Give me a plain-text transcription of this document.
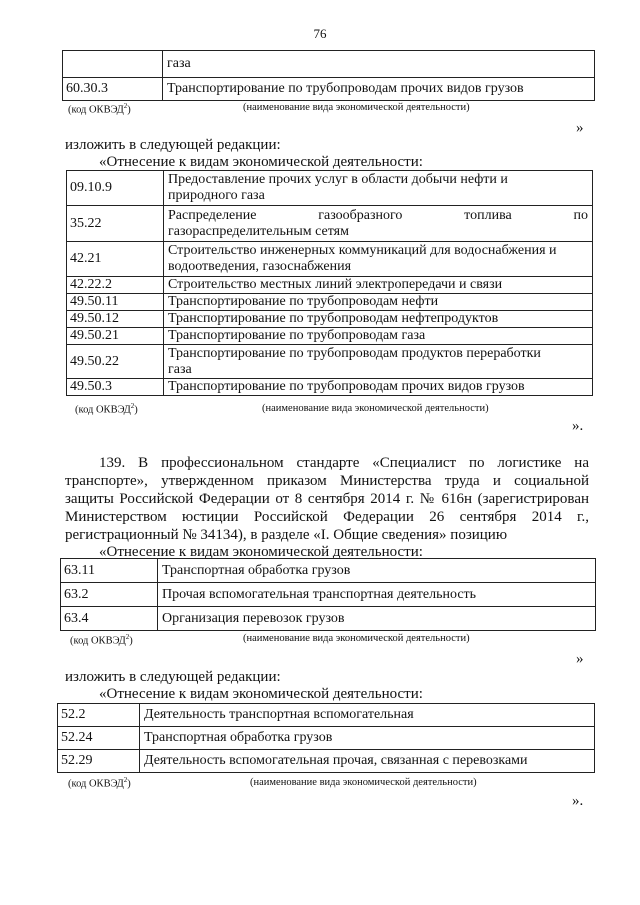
76
	газа
60.30.3	Транспортирование по трубопроводам прочих видов грузов
(код ОКВЭД$^2$)	(наименование вида экономической деятельности)
»
изложить в следующей редакции:
«Отнесение к видам экономической деятельности:
09.10.9	Предоставление прочих услуг в области добычи нефти и
природного газа
35.22	Распределение газообразного топлива по
газораспределительным сетям
42.21	Строительство инженерных коммуникаций для водоснабжения и
водоотведения, газоснабжения
42.22.2	Строительство местных линий электропередачи и связи
49.50.11	Транспортирование по трубопроводам нефти
49.50.12	Транспортирование по трубопроводам нефтепродуктов
49.50.21	Транспортирование по трубопроводам газа
49.50.22	Транспортирование по трубопроводам продуктов переработки
газа
49.50.3	Транспортирование по трубопроводам прочих видов грузов
(код ОКВЭД$^2$)	(наименование вида экономической деятельности)
».
139. В профессиональном стандарте «Специалист по логистике на
транспорте», утвержденном приказом Министерства труда и социальной
защиты Российской Федерации от 8 сентября 2014 г. № 616н (зарегистрирован
Министерством юстиции Российской Федерации 26 сентября 2014 г.,
регистрационный № 34134), в разделе «I. Общие сведения» позицию
«Отнесение к видам экономической деятельности:
63.11	Транспортная обработка грузов
63.2	Прочая вспомогательная транспортная деятельность
63.4	Организация перевозок грузов
(код ОКВЭД$^2$)	(наименование вида экономической деятельности)
»
изложить в следующей редакции:
«Отнесение к видам экономической деятельности:
52.2	Деятельность транспортная вспомогательная
52.24	Транспортная обработка грузов
52.29	Деятельность вспомогательная прочая, связанная с перевозками
(код ОКВЭД$^2$)	(наименование вида экономической деятельности)
».
